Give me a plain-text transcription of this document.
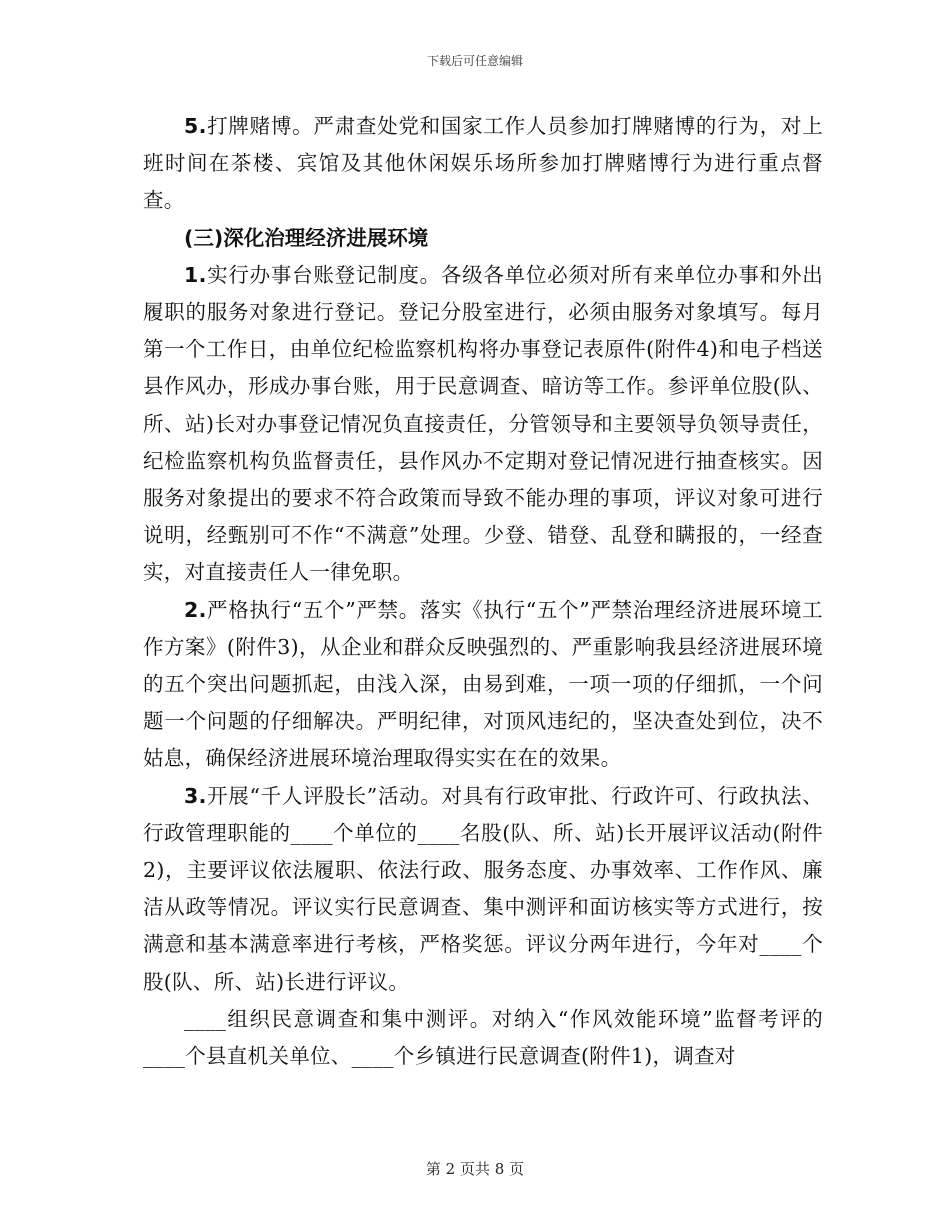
下载后可任意编辑

5.打牌赌博。严肃查处党和国家工作人员参加打牌赌博的行为，对上班时间在茶楼、宾馆及其他休闲娱乐场所参加打牌赌博行为进行重点督查。

(三)深化治理经济进展环境

1.实行办事台账登记制度。各级各单位必须对所有来单位办事和外出履职的服务对象进行登记。登记分股室进行，必须由服务对象填写。每月第一个工作日，由单位纪检监察机构将办事登记表原件(附件4)和电子档送县作风办，形成办事台账，用于民意调查、暗访等工作。参评单位股(队、所、站)长对办事登记情况负直接责任，分管领导和主要领导负领导责任，纪检监察机构负监督责任，县作风办不定期对登记情况进行抽查核实。因服务对象提出的要求不符合政策而导致不能办理的事项，评议对象可进行说明，经甄别可不作“不满意”处理。少登、错登、乱登和瞒报的，一经查实，对直接责任人一律免职。

2.严格执行“五个”严禁。落实《执行“五个”严禁治理经济进展环境工作方案》(附件3)，从企业和群众反映强烈的、严重影响我县经济进展环境的五个突出问题抓起，由浅入深，由易到难，一项一项的仔细抓，一个问题一个问题的仔细解决。严明纪律，对顶风违纪的，坚决查处到位，决不姑息，确保经济进展环境治理取得实实在在的效果。

3.开展“千人评股长”活动。对具有行政审批、行政许可、行政执法、行政管理职能的____个单位的____名股(队、所、站)长开展评议活动(附件2)，主要评议依法履职、依法行政、服务态度、办事效率、工作作风、廉洁从政等情况。评议实行民意调查、集中测评和面访核实等方式进行，按满意和基本满意率进行考核，严格奖惩。评议分两年进行，今年对____个股(队、所、站)长进行评议。

____组织民意调查和集中测评。对纳入“作风效能环境”监督考评的____个县直机关单位、____个乡镇进行民意调查(附件1)，调查对

第 2 页共 8 页
